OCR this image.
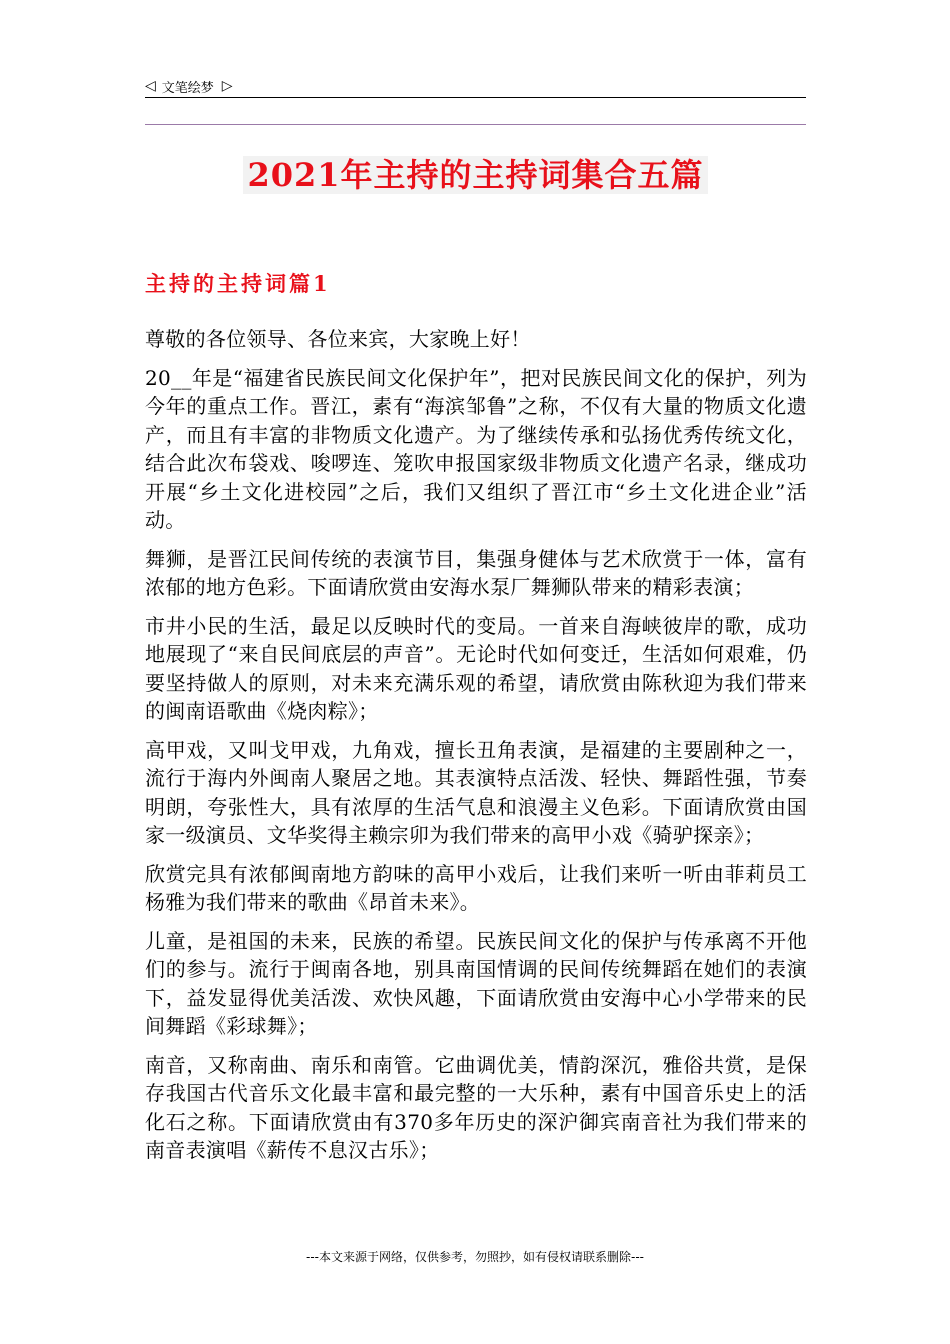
◁ 文笔绘梦 ▷
2021年主持的主持词集合五篇
主持的主持词篇1

尊敬的各位领导、各位来宾，大家晚上好！

20__年是“福建省民族民间文化保护年”，把对民族民间文化的保护，列为今年的重点工作。晋江，素有“海滨邹鲁”之称，不仅有大量的物质文化遗产，而且有丰富的非物质文化遗产。为了继续传承和弘扬优秀传统文化，结合此次布袋戏、唆啰连、笼吹申报国家级非物质文化遗产名录，继成功开展“乡土文化进校园”之后，我们又组织了晋江市“乡土文化进企业”活动。

舞狮，是晋江民间传统的表演节目，集强身健体与艺术欣赏于一体，富有浓郁的地方色彩。下面请欣赏由安海水泵厂舞狮队带来的精彩表演；

市井小民的生活，最足以反映时代的变局。一首来自海峡彼岸的歌，成功地展现了“来自民间底层的声音”。无论时代如何变迁，生活如何艰难，仍要坚持做人的原则，对未来充满乐观的希望，请欣赏由陈秋迎为我们带来的闽南语歌曲《烧肉粽》；

高甲戏，又叫戈甲戏，九角戏，擅长丑角表演，是福建的主要剧种之一，流行于海内外闽南人聚居之地。其表演特点活泼、轻快、舞蹈性强，节奏明朗，夸张性大，具有浓厚的生活气息和浪漫主义色彩。下面请欣赏由国家一级演员、文华奖得主赖宗卯为我们带来的高甲小戏《骑驴探亲》；

欣赏完具有浓郁闽南地方韵味的高甲小戏后，让我们来听一听由菲莉员工杨雅为我们带来的歌曲《昂首未来》。

儿童，是祖国的未来，民族的希望。民族民间文化的保护与传承离不开他们的参与。流行于闽南各地，别具南国情调的民间传统舞蹈在她们的表演下，益发显得优美活泼、欢快风趣，下面请欣赏由安海中心小学带来的民间舞蹈《彩球舞》；

南音，又称南曲、南乐和南管。它曲调优美，情韵深沉，雅俗共赏，是保存我国古代音乐文化最丰富和最完整的一大乐种，素有中国音乐史上的活化石之称。下面请欣赏由有370多年历史的深沪御宾南音社为我们带来的南音表演唱《薪传不息汉古乐》；

---本文来源于网络，仅供参考，勿照抄，如有侵权请联系删除---
